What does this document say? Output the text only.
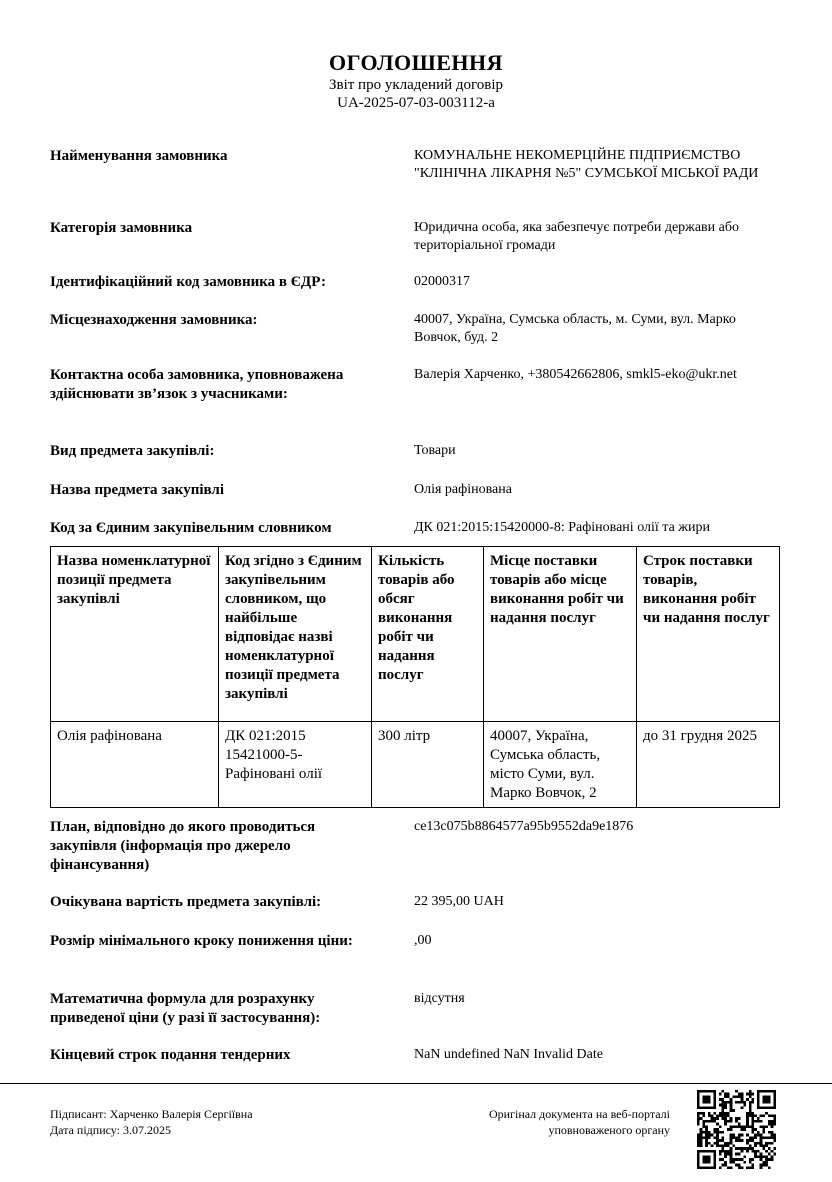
ОГОЛОШЕННЯ
Звіт про укладений договір
UA-2025-07-03-003112-a
Найменування замовника	КОМУНАЛЬНЕ НЕКОМЕРЦІЙНЕ ПІДПРИЄМСТВО "КЛІНІЧНА ЛІКАРНЯ №5" СУМСЬКОЇ МІСЬКОЇ РАДИ
Категорія замовника	Юридична особа, яка забезпечує потреби держави або територіальної громади
Ідентифікаційний код замовника в ЄДР:	02000317
Місцезнаходження замовника:	40007, Україна, Сумська область, м. Суми, вул. Марко Вовчок, буд. 2
Контактна особа замовника, уповноважена здійснювати зв’язок з учасниками:
Валерія Харченко, +380542662806, smkl5-eko@ukr.net
Вид предмета закупівлі:	Товари
Назва предмета закупівлі	Олія рафінована
Код за Єдиним закупівельним словником	ДК 021:2015:15420000-8: Рафіновані олії та жири
Назва номенклатурної позиції предмета закупівлі	Код згідно з Єдиним закупівельним словником, що найбільше відповідає назві номенклатурної позиції предмета закупівлі	Кількість товарів або обсяг виконання робіт чи надання послуг	Місце поставки товарів або місце виконання робіт чи надання послуг	Строк поставки товарів, виконання робіт чи надання послуг
Олія рафінована	ДК 021:2015 15421000-5-Рафіновані олії	300 літр	40007, Україна, Сумська область, місто Суми, вул. Марко Вовчок, 2	до 31 грудня 2025
План, відповідно до якого проводиться закупівля (інформація про джерело фінансування)
ce13c075b8864577a95b9552da9e1876
Очікувана вартість предмета закупівлі:	22 395,00 UAH
Розмір мінімального кроку пониження ціни:	,00
Математична формула для розрахунку приведеної ціни (у разі її застосування):
відсутня
Кінцевий строк подання тендерних	NaN undefined NaN Invalid Date
Підписант: Харченко Валерія Сергіївна
Дата підпису: 3.07.2025
Оригінал документа на веб-порталі
уповноваженого органу
